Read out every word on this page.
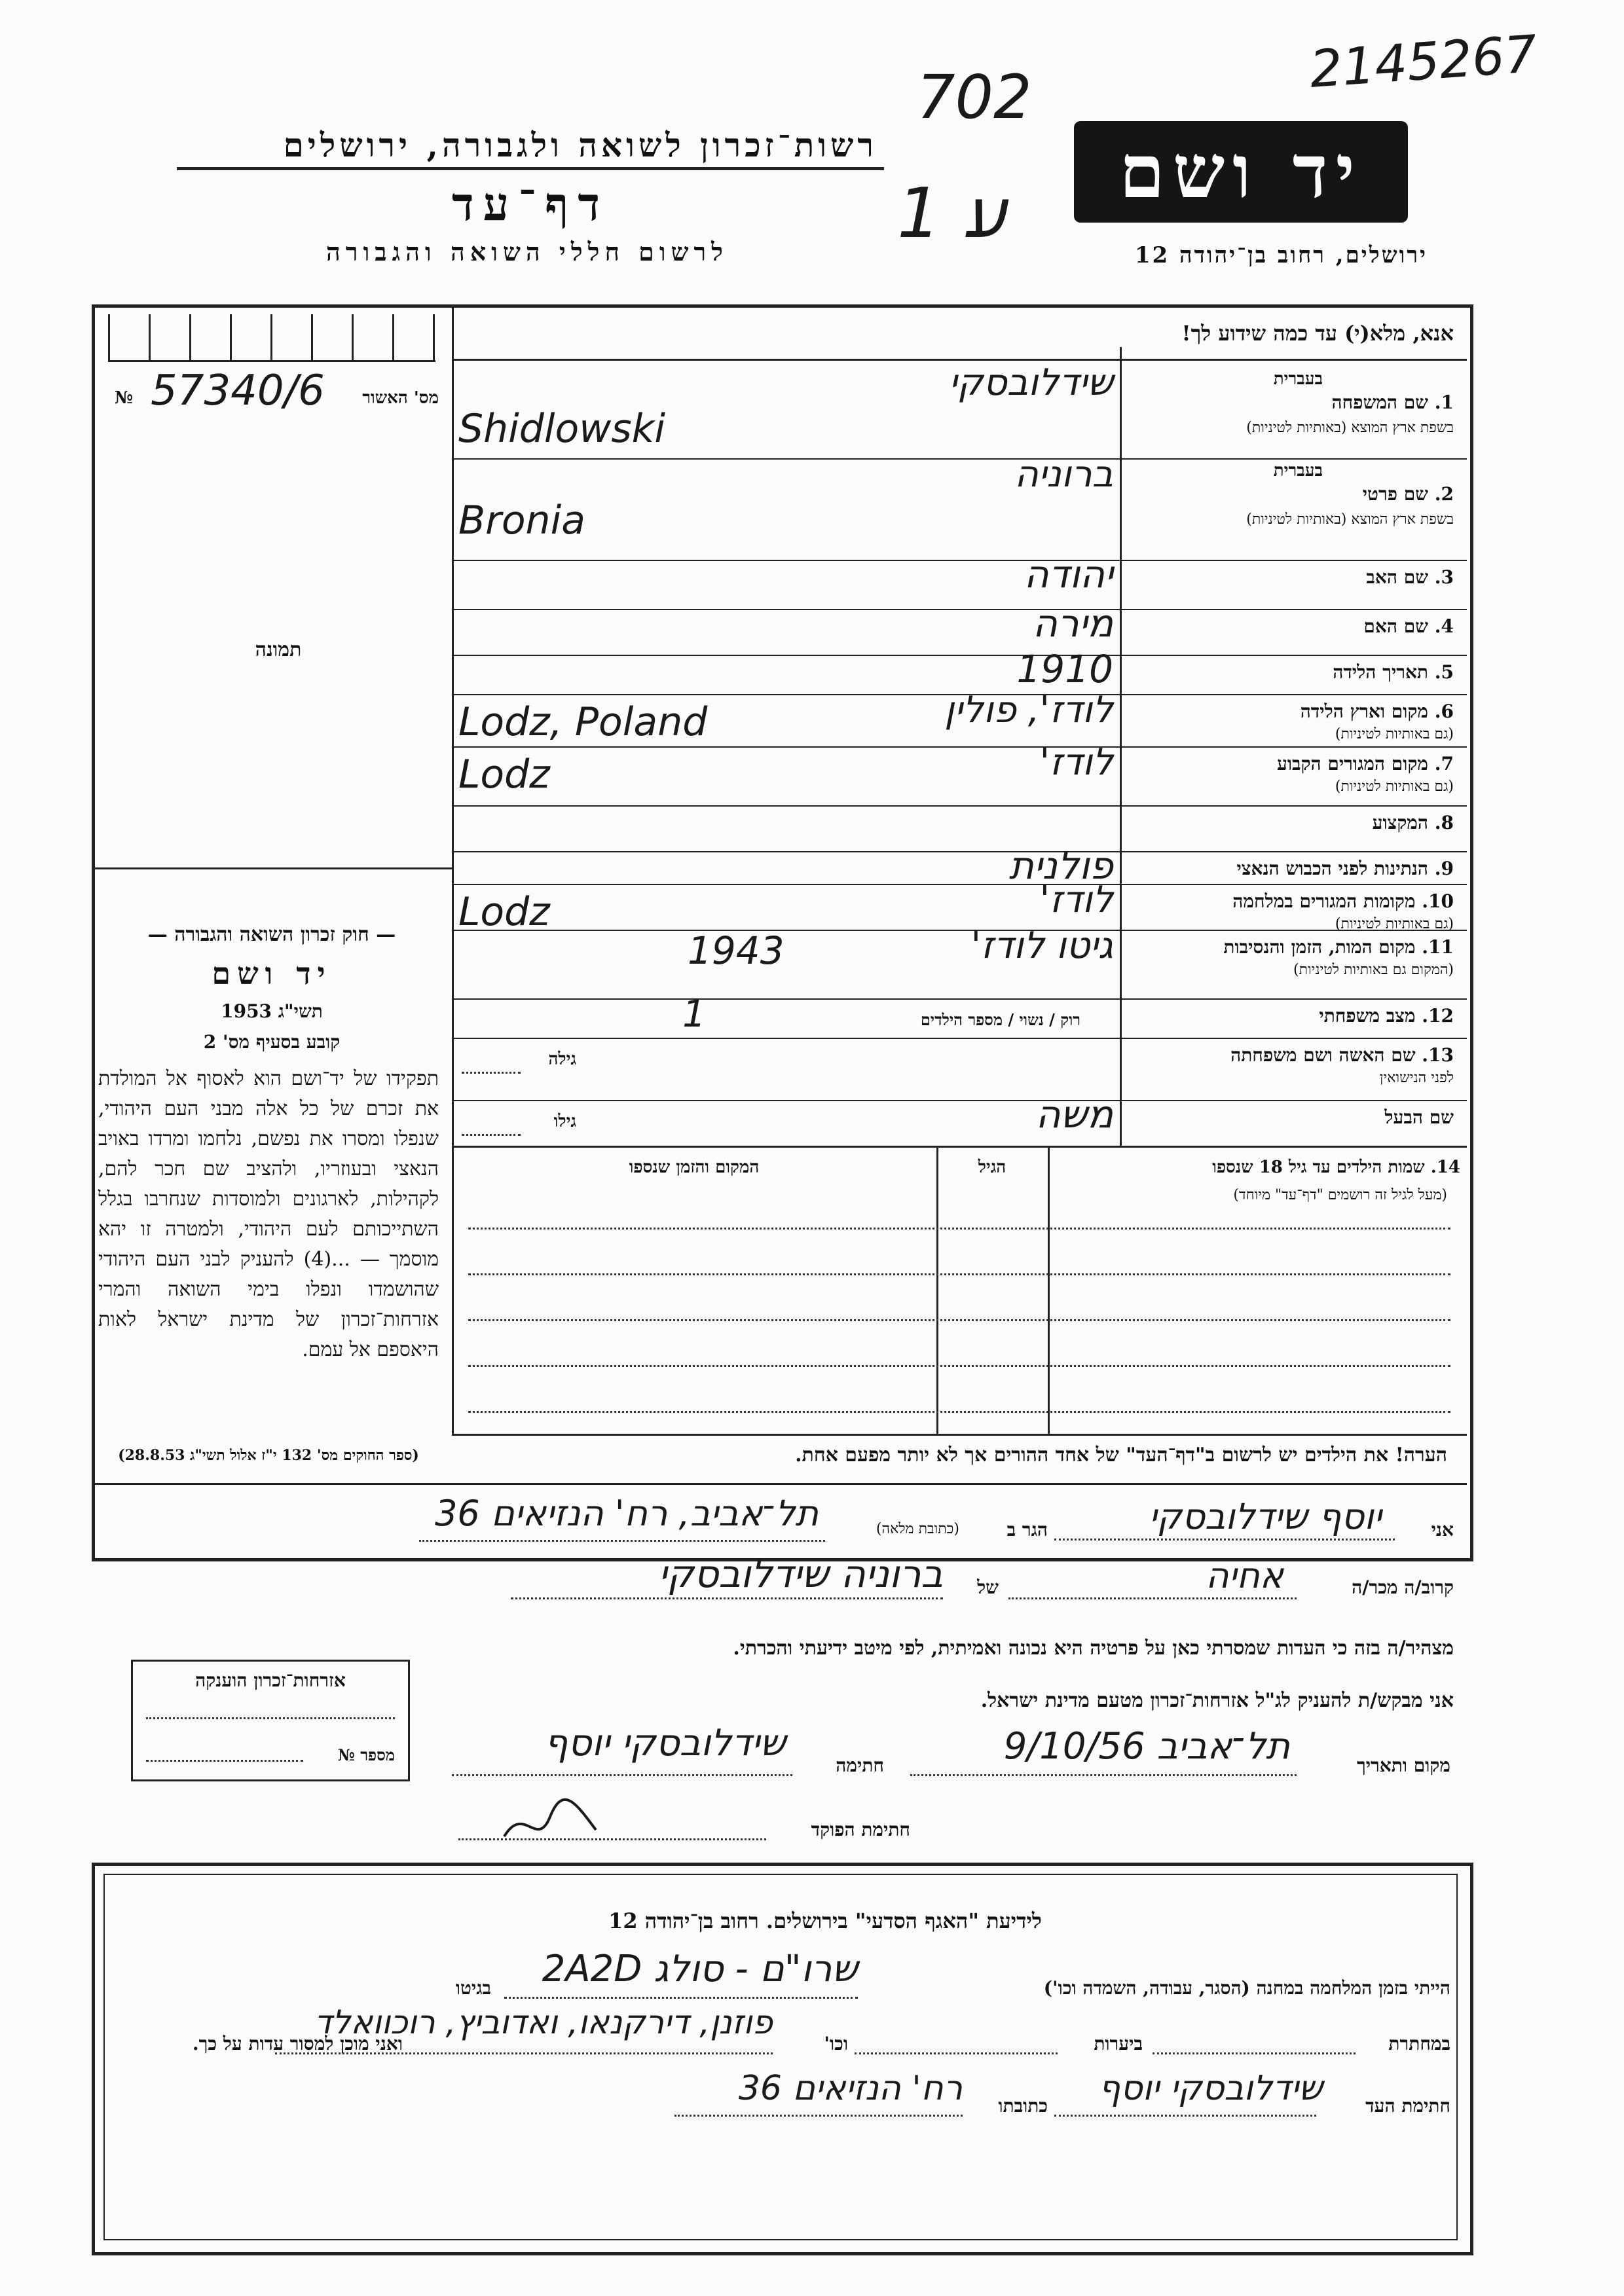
2145267
702
1 ﬠ
רשות־זכרון לשואה ולגבורה, ירושלים
דף־עד
לרשום חללי השואה והגבורה
יד ושם
ירושלים, רחוב בן־יהודה 12
מס' האשור
№ 57340/6
תמונה
— חוק זכרון השואה והגבורה —
יד ושם
תשי"ג 1953
קובע בסעיף מס' 2
תפקידו של יד־ושם הוא לאסוף אל המולדת את זכרם של כל אלה מבני העם היהודי, שנפלו ומסרו את נפשם, נלחמו ומרדו באויב הנאצי ובעוזריו, ולהציב שם חכר להם, לקהילות, לארגונים ולמוסדות שנחרבו בגלל השתייכותם לעם היהודי, ולמטרה זו יהא מוסמך — ...(4) להעניק לבני העם היהודי שהושמדו ונפלו בימי השואה והמרי אזרחות־זכרון של מדינת ישראל לאות היאספם אל עמם.
(ספר החוקים מס' 132 י"ז אלול תשי"ג 28.8.53)
אנא, מלא(י) עד כמה שידוע לך!
1. שם המשפחה
בעברית
בשפת ארץ המוצא (באותיות לטיניות)
שידלובסקי
Shidlowski
2. שם פרטי
בעברית
בשפת ארץ המוצא (באותיות לטיניות)
ברוניה
Bronia
3. שם האב
יהודה
4. שם האם
מירה
5. תאריך הלידה
1910
6. מקום וארץ הלידה
(גם באותיות לטיניות)
לודז', פולין
Lodz, Poland
7. מקום המגורים הקבוע
(גם באותיות לטיניות)
לודז'
Lodz
8. המקצוע
9. הנתינות לפני הכבוש הנאצי
פולנית
10. מקומות המגורים במלחמה
(גם באותיות לטיניות)
לודז'
Lodz
11. מקום המות, הזמן והנסיבות
(המקום גם באותיות לטיניות)
גיטו לודז'
1943
12. מצב משפחתי
רוק / נשוי / מספר הילדים
1
13. שם האשה ושם משפחתה
לפני הנישואין
גילה
שם הבעל
משה
גילו
14. שמות הילדים עד גיל 18 שנספו
(מעל לגיל זה רושמים "דף־עד" מיוחד)
הגיל
המקום והזמן שנספו
הערה! את הילדים יש לרשום ב"דף־העד" של אחד ההורים אך לא יותר מפעם אחת.
אני
יוסף שידלובסקי
הגר ב
(כתובת מלאה)
תל־אביב, רח' הנזיאים 36
קרוב/ה מכר/ה
אחיה
של
ברוניה שידלובסקי
מצהיר/ה בזה כי העדות שמסרתי כאן על פרטיה היא נכונה ואמיתית, לפי מיטב ידיעתי והכרתי.
אני מבקש/ת להעניק לג"ל אזרחות־זכרון מטעם מדינת ישראל.
אזרחות־זכרון הוענקה
מספר №	מקום ותאריך
תל־אביב 9/10/56
חתימה
שידלובסקי יוסף
חתימת הפוקד
לידיעת "האגף הסדעי" בירושלים. רחוב בן־יהודה 12
הייתי בזמן המלחמה במחנה (הסגר, עבודה, השמדה וכו')
שרו"ם - סולג 2A2D
בגיטו
במחתרת
ביערות
וכו'
פוזנן, דירקנאו, ואדוביץ, רוכוואלד
ואני מוכן למסור עדות על כך.
חתימת העד
שידלובסקי יוסף
כתובתו
רח' הנזיאים 36
